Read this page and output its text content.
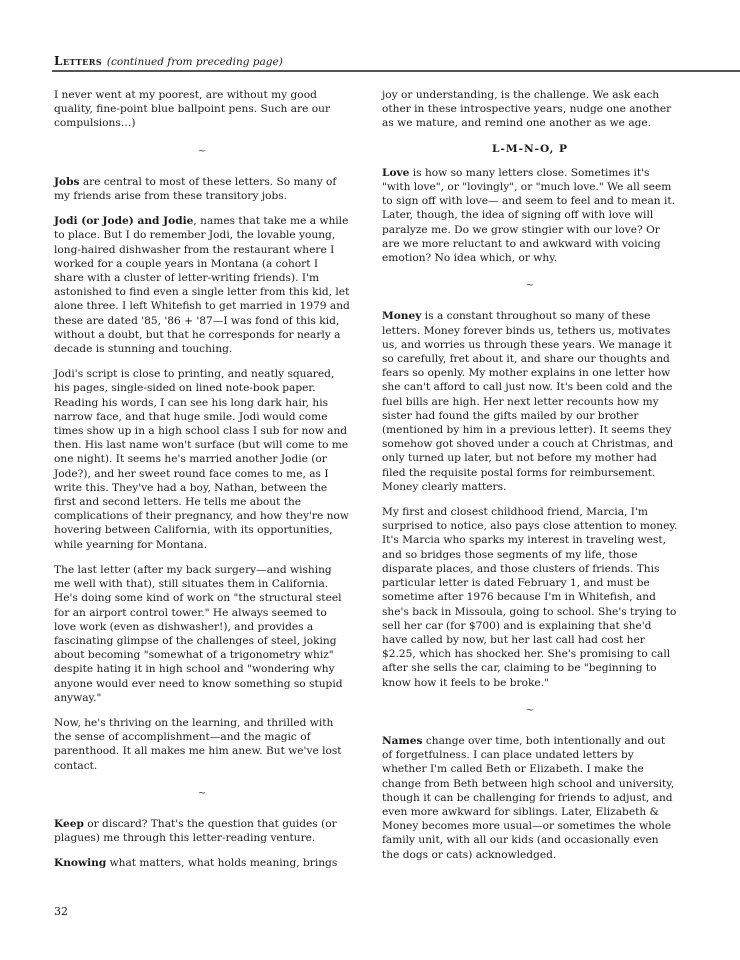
Letters (continued from preceding page)

I never went at my poorest, are without my good quality, fine-point blue ballpoint pens. Such are our compulsions…)

~

Jobs are central to most of these letters. So many of my friends arise from these transitory jobs.

Jodi (or Jode) and Jodie, names that take me a while to place. But I do remember Jodi, the lovable young, long-haired dishwasher from the restaurant where I worked for a couple years in Montana (a cohort I share with a cluster of letter-writing friends). I'm astonished to find even a single letter from this kid, let alone three. I left Whitefish to get married in 1979 and these are dated '85, '86 + '87—I was fond of this kid, without a doubt, but that he corresponds for nearly a decade is stunning and touching.

Jodi's script is close to printing, and neatly squared, his pages, single-sided on lined note-book paper. Reading his words, I can see his long dark hair, his narrow face, and that huge smile. Jodi would come times show up in a high school class I sub for now and then. His last name won't surface (but will come to me one night). It seems he's married another Jodie (or Jode?), and her sweet round face comes to me, as I write this. They've had a boy, Nathan, between the first and second letters. He tells me about the complications of their pregnancy, and how they're now hovering between California, with its opportunities, while yearning for Montana.

The last letter (after my back surgery—and wishing me well with that), still situates them in California. He's doing some kind of work on "the structural steel for an airport control tower." He always seemed to love work (even as dishwasher!), and provides a fascinating glimpse of the challenges of steel, joking about becoming "somewhat of a trigonometry whiz" despite hating it in high school and "wondering why anyone would ever need to know something so stupid anyway."

Now, he's thriving on the learning, and thrilled with the sense of accomplishment—and the magic of parenthood. It all makes me him anew. But we've lost contact.

~

Keep or discard? That's the question that guides (or plagues) me through this letter-reading venture.

Knowing what matters, what holds meaning, brings

joy or understanding, is the challenge. We ask each other in these introspective years, nudge one another as we mature, and remind one another as we age.

L-M-N-O, P

Love is how so many letters close. Sometimes it's "with love", or "lovingly", or "much love." We all seem to sign off with love— and seem to feel and to mean it. Later, though, the idea of signing off with love will paralyze me. Do we grow stingier with our love? Or are we more reluctant to and awkward with voicing emotion? No idea which, or why.

~

Money is a constant throughout so many of these letters. Money forever binds us, tethers us, motivates us, and worries us through these years. We manage it so carefully, fret about it, and share our thoughts and fears so openly. My mother explains in one letter how she can't afford to call just now. It's been cold and the fuel bills are high. Her next letter recounts how my sister had found the gifts mailed by our brother (mentioned by him in a previous letter). It seems they somehow got shoved under a couch at Christmas, and only turned up later, but not before my mother had filed the requisite postal forms for reimbursement. Money clearly matters.

My first and closest childhood friend, Marcia, I'm surprised to notice, also pays close attention to money. It's Marcia who sparks my interest in traveling west, and so bridges those segments of my life, those disparate places, and those clusters of friends. This particular letter is dated February 1, and must be sometime after 1976 because I'm in Whitefish, and she's back in Missoula, going to school. She's trying to sell her car (for $700) and is explaining that she'd have called by now, but her last call had cost her $2.25, which has shocked her. She's promising to call after she sells the car, claiming to be "beginning to know how it feels to be broke."

~

Names change over time, both intentionally and out of forgetfulness. I can place undated letters by whether I'm called Beth or Elizabeth. I make the change from Beth between high school and university, though it can be challenging for friends to adjust, and even more awkward for siblings. Later, Elizabeth & Money becomes more usual—or sometimes the whole family unit, with all our kids (and occasionally even the dogs or cats) acknowledged.

32
